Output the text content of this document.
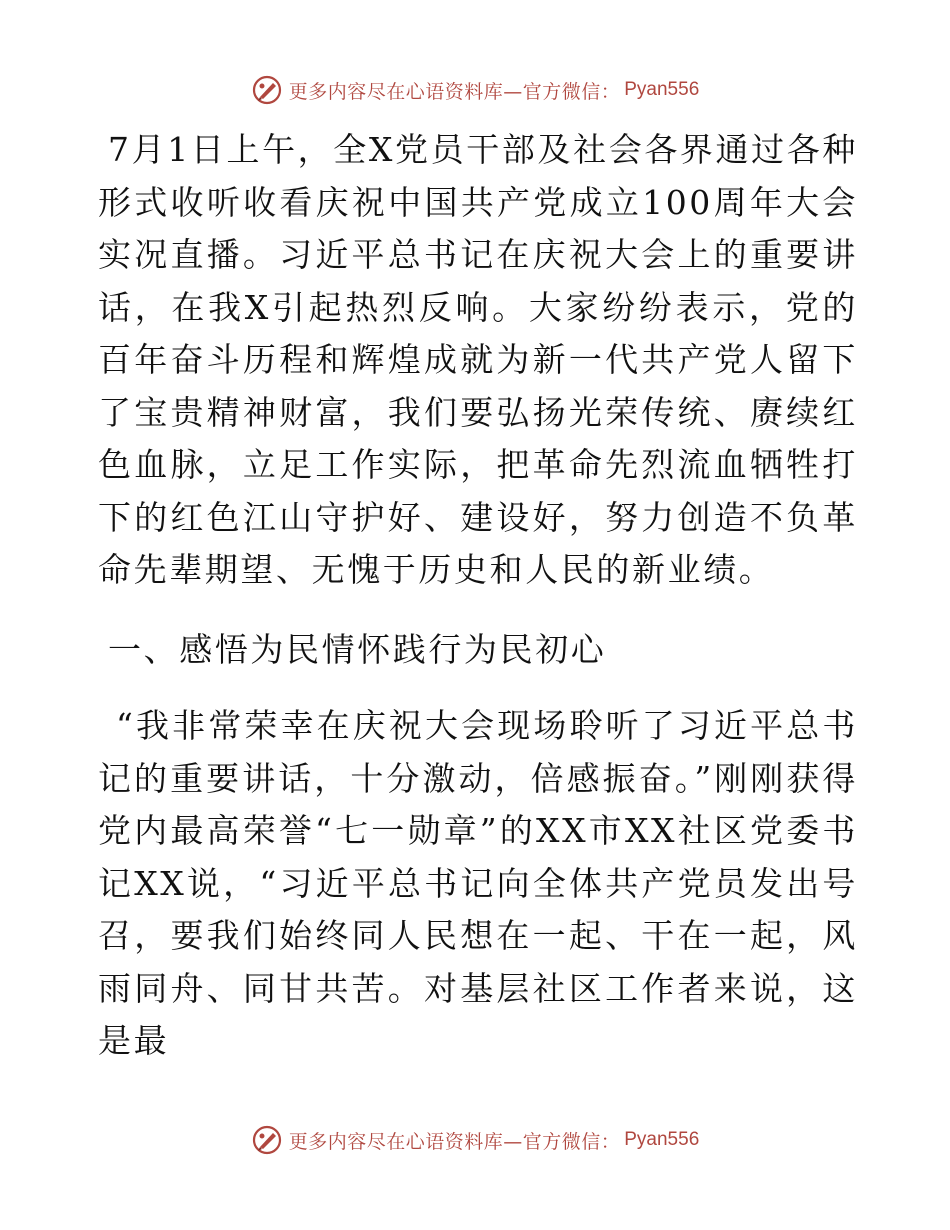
更多内容尽在心语资料库—官方微信： Pyan556

7月1日上午，全X党员干部及社会各界通过各种形式收听收看庆祝中国共产党成立100周年大会实况直播。习近平总书记在庆祝大会上的重要讲话，在我X引起热烈反响。大家纷纷表示，党的百年奋斗历程和辉煌成就为新一代共产党人留下了宝贵精神财富，我们要弘扬光荣传统、赓续红色血脉，立足工作实际，把革命先烈流血牺牲打下的红色江山守护好、建设好，努力创造不负革命先辈期望、无愧于历史和人民的新业绩。

一、感悟为民情怀践行为民初心

“我非常荣幸在庆祝大会现场聆听了习近平总书记的重要讲话，十分激动，倍感振奋。”刚刚获得党内最高荣誉“七一勋章”的XX市XX社区党委书记XX说，“习近平总书记向全体共产党员发出号召，要我们始终同人民想在一起、干在一起，风雨同舟、同甘共苦。对基层社区工作者来说，这是最

更多内容尽在心语资料库—官方微信： Pyan556
